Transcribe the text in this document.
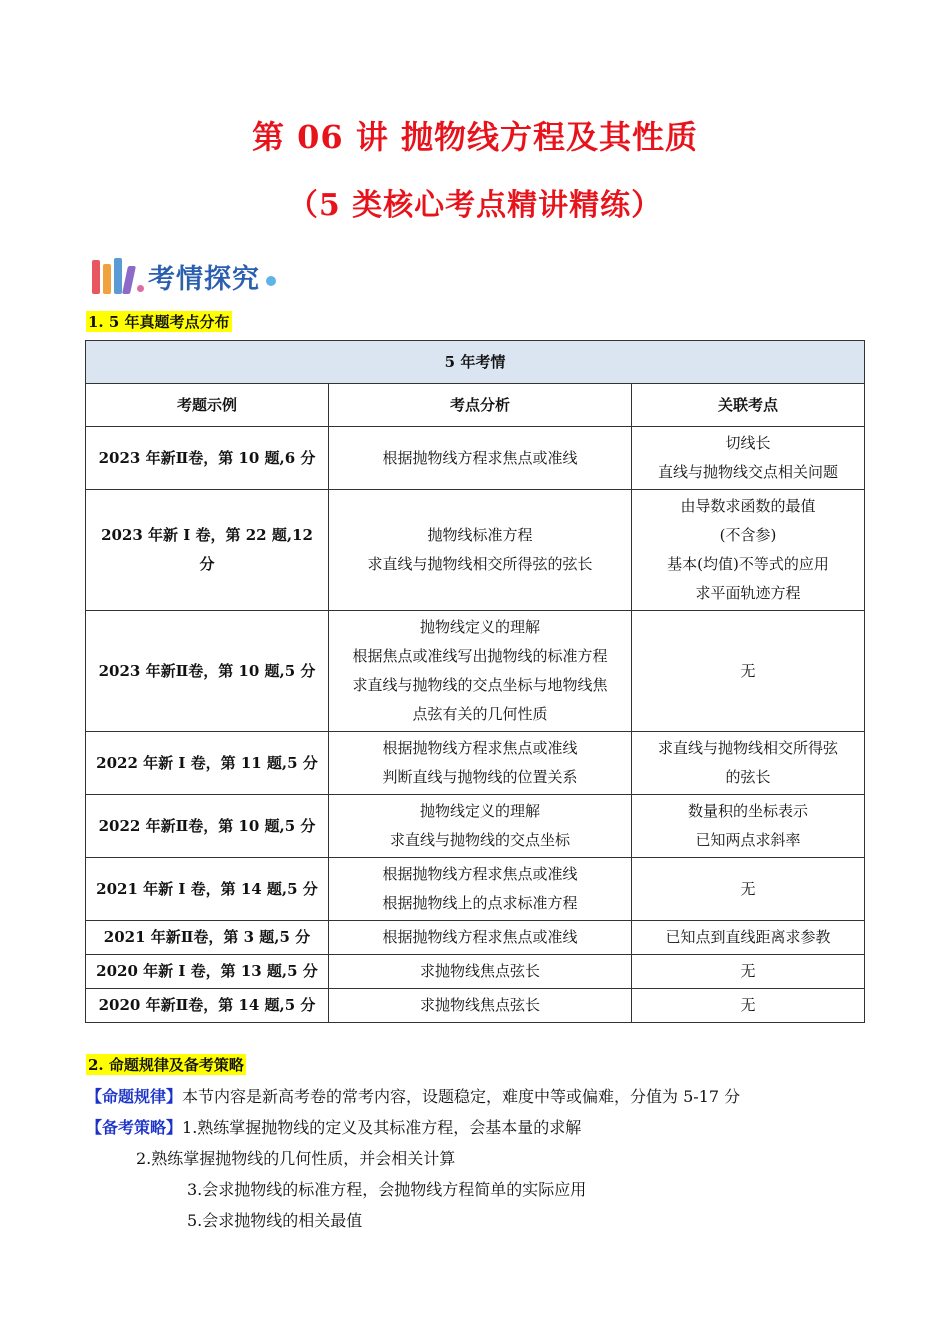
第 06 讲 抛物线方程及其性质
（5 类核心考点精讲精练）
考情探究
1. 5 年真题考点分布
5 年考情		
考题示例	考点分析	关联考点
2023 年新Ⅱ卷，第 10 题,6 分	根据抛物线方程求焦点或准线	切线长
直线与抛物线交点相关问题

2023 年新 I 卷，第 22 题,12 分	抛物线标准方程
求直线与抛物线相交所得弦的弦长	由导数求函数的最值
(不含参)
基本(均值)不等式的应用
求平面轨迹方程

2023 年新Ⅱ卷，第 10 题,5 分	抛物线定义的理解
根据焦点或准线写出抛物线的标准方程
求直线与抛物线的交点坐标与地物线焦
点弦有关的几何性质	无

2022 年新 I 卷，第 11 题,5 分	根据抛物线方程求焦点或准线
判断直线与抛物线的位置关系	求直线与抛物线相交所得弦
的弦长

2022 年新Ⅱ卷，第 10 题,5 分	抛物线定义的理解
求直线与抛物线的交点坐标	数量积的坐标表示
已知两点求斜率

2021 年新 I 卷，第 14 题,5 分	根据抛物线方程求焦点或准线
根据抛物线上的点求标准方程	无

2021 年新Ⅱ卷，第 3 题,5 分	根据抛物线方程求焦点或准线	已知点到直线距离求参教

2020 年新 I 卷，第 13 题,5 分	求抛物线焦点弦长	无

2020 年新Ⅱ卷，第 14 题,5 分	求抛物线焦点弦长	无
2. 命题规律及备考策略
【命题规律】本节内容是新高考卷的常考内容，设题稳定，难度中等或偏难，分值为 5-17 分
【备考策略】1.熟练掌握抛物线的定义及其标准方程，会基本量的求解
2.熟练掌握抛物线的几何性质，并会相关计算
3.会求抛物线的标准方程，会抛物线方程简单的实际应用
5.会求抛物线的相关最值
